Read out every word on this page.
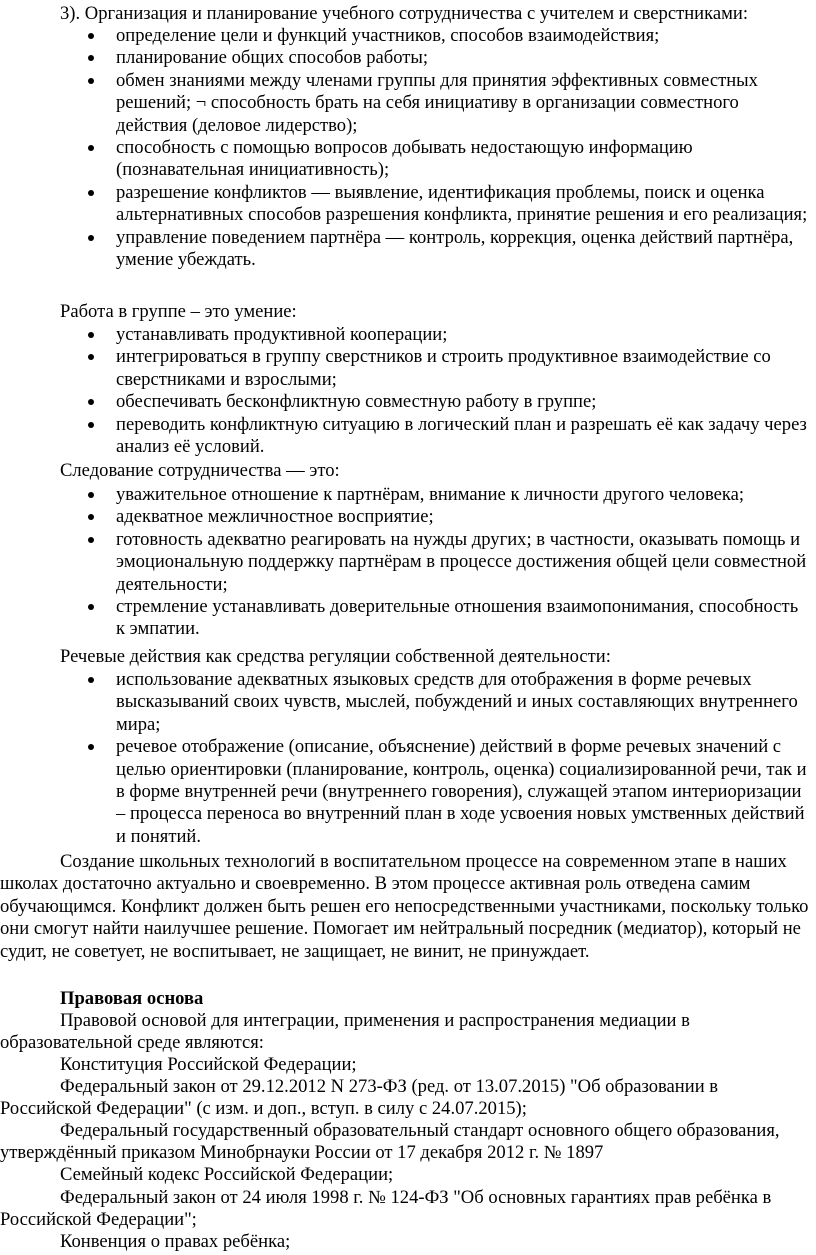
3). Организация и планирование учебного сотрудничества с учителем и сверстниками:
определение цели и функций участников, способов взаимодействия;
планирование общих способов работы;
обмен знаниями между членами группы для принятия эффективных совместных решений; ¬ способность брать на себя инициативу в организации совместного действия (деловое лидерство);
способность с помощью вопросов добывать недостающую информацию (познавательная инициативность);
разрешение конфликтов — выявление, идентификация проблемы, поиск и оценка альтернативных способов разрешения конфликта, принятие решения и его реализация;
управление поведением партнёра — контроль, коррекция, оценка действий партнёра, умение убеждать.
Работа в группе – это умение:
устанавливать продуктивной кооперации;
интегрироваться в группу сверстников и строить продуктивное взаимодействие со сверстниками и взрослыми;
обеспечивать бесконфликтную совместную работу в группе;
переводить конфликтную ситуацию в логический план и разрешать её как задачу через анализ её условий.
Следование сотрудничества — это:
уважительное отношение к партнёрам, внимание к личности другого человека;
адекватное межличностное восприятие;
готовность адекватно реагировать на нужды других; в частности, оказывать помощь и эмоциональную поддержку партнёрам в процессе достижения общей цели совместной деятельности;
стремление устанавливать доверительные отношения взаимопонимания, способность к эмпатии.
Речевые действия как средства регуляции собственной деятельности:
использование адекватных языковых средств для отображения в форме речевых высказываний своих чувств, мыслей, побуждений и иных составляющих внутреннего мира;
речевое отображение (описание, объяснение) действий в форме речевых значений с целью ориентировки (планирование, контроль, оценка) социализированной речи, так и в форме внутренней речи (внутреннего говорения), служащей этапом интериоризации – процесса переноса во внутренний план в ходе усвоения новых умственных действий и понятий.

Создание школьных технологий в воспитательном процессе на современном этапе в наших школах достаточно актуально и своевременно. В этом процессе активная роль отведена самим обучающимся. Конфликт должен быть решен его непосредственными участниками, поскольку только они смогут найти наилучшее решение. Помогает им нейтральный посредник (медиатор), который не судит, не советует, не воспитывает, не защищает, не винит, не принуждает.

Правовая основа

Правовой основой для интеграции, применения и распространения медиации в образовательной среде являются:

Конституция Российской Федерации;

Федеральный закон от 29.12.2012 N 273-ФЗ (ред. от 13.07.2015) "Об образовании в Российской Федерации" (с изм. и доп., вступ. в силу с 24.07.2015);

Федеральный государственный образовательный стандарт основного общего образования, утверждённый приказом Минобрнауки России от 17 декабря 2012 г. № 1897

Семейный кодекс Российской Федерации;

Федеральный закон от 24 июля 1998 г. № 124-ФЗ "Об основных гарантиях прав ребёнка в Российской Федерации";

Конвенция о правах ребёнка;
